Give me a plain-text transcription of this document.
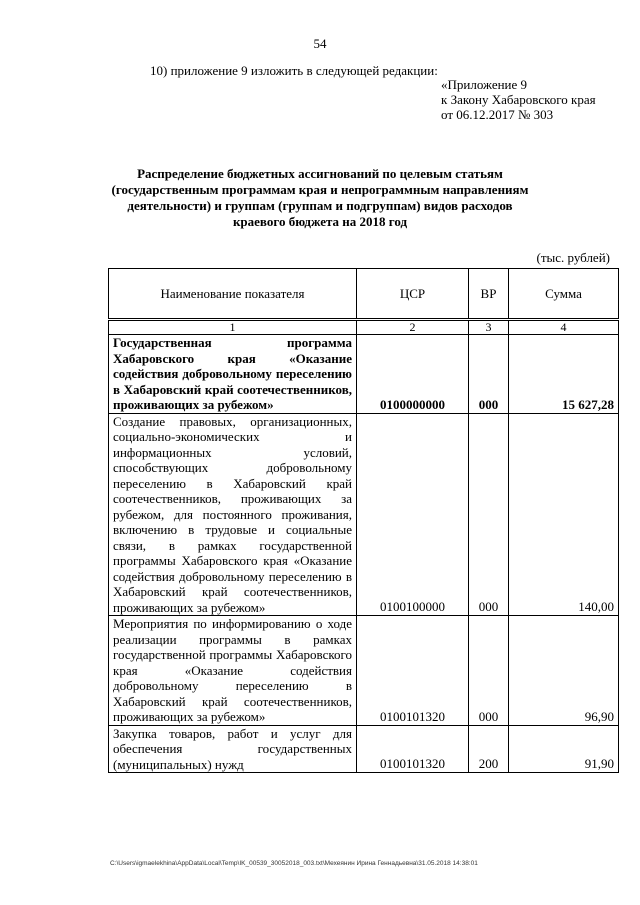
54
10) приложение 9 изложить в следующей редакции:
«Приложение 9
к Закону Хабаровского края
от 06.12.2017 № 303
Распределение бюджетных ассигнований по целевым статьям (государственным программам края и непрограммным направлениям деятельности) и группам (группам и подгруппам) видов расходов краевого бюджета на 2018 год
(тыс. рублей)
Наименование показателя	ЦСР	ВР	Сумма
1	2	3	4
Государственная программа Хабаровского края «Оказание содействия добровольному переселению в Хабаровский край соотечественников, проживающих за рубежом»	0100000000	000	15 627,28
Создание правовых, организационных, социально-экономических и информационных условий, способствующих добровольному переселению в Хабаровский край соотечественников, проживающих за рубежом, для постоянного проживания, включению в трудовые и социальные связи, в рамках государственной программы Хабаровского края «Оказание содействия добровольному переселению в Хабаровский край соотечественников, проживающих за рубежом»	0100100000	000	140,00
Мероприятия по информированию о ходе реализации программы в рамках государственной программы Хабаровского края «Оказание содействия добровольному переселению в Хабаровский край соотечественников, проживающих за рубежом»	0100101320	000	96,90
Закупка товаров, работ и услуг для обеспечения государственных (муниципальных) нужд	0100101320	200	91,90
C:\Users\igmaelekhina\AppData\Local\Temp\IK_00539_30052018_003.txt\Мехеянин Ирина Геннадьевна\31.05.2018 14:38:01
